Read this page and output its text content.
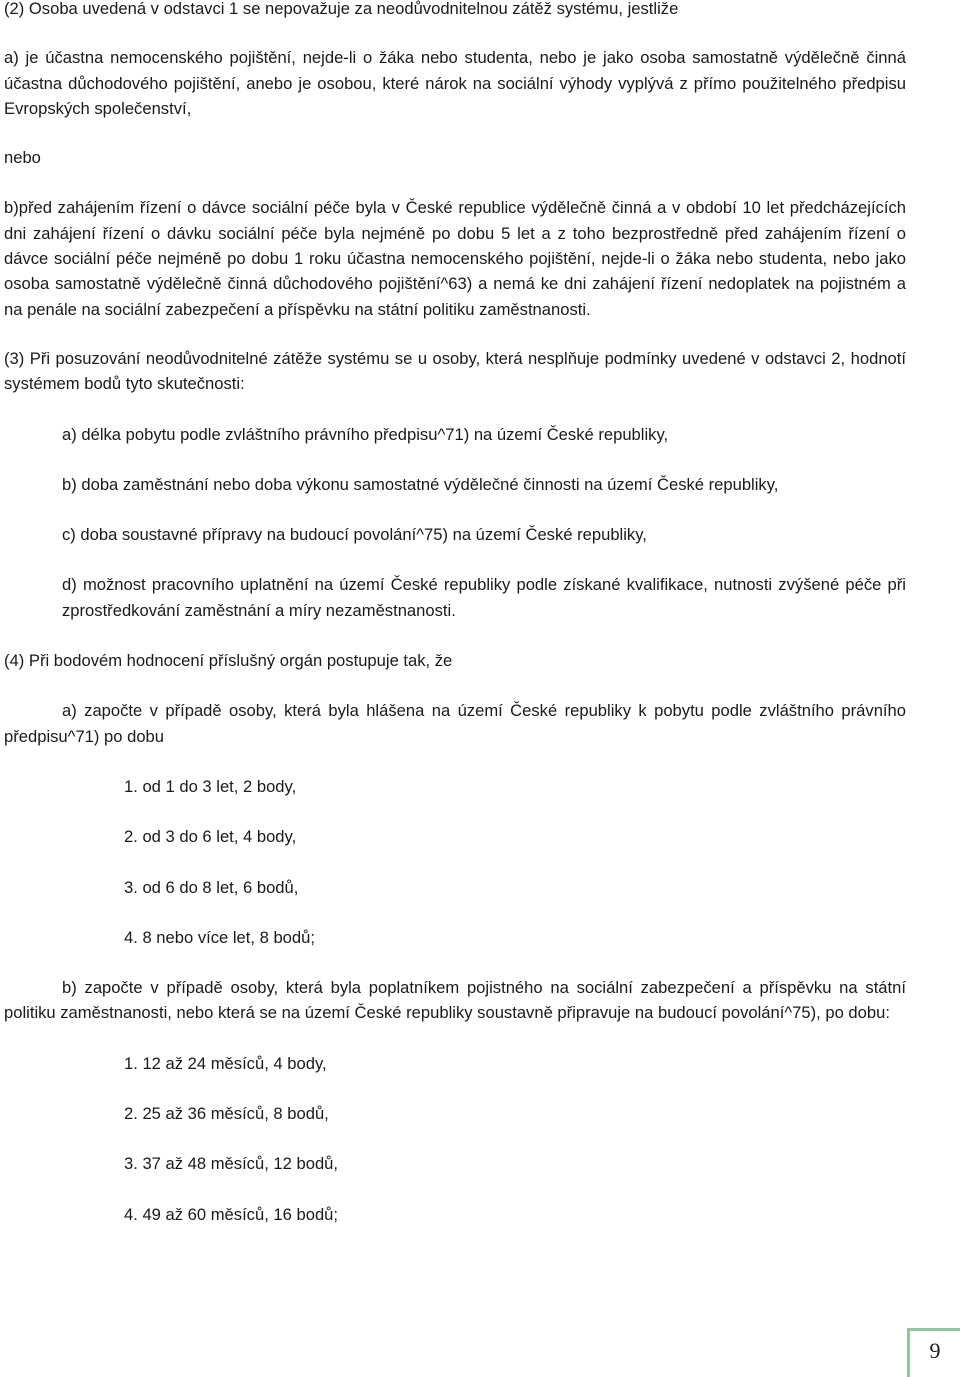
(2) Osoba uvedená v odstavci 1 se nepovažuje za neodůvodnitelnou zátěž systému, jestliže

a) je účastna nemocenského pojištění, nejde-li o žáka nebo studenta, nebo je jako osoba samostatně výdělečně činná účastna důchodového pojištění, anebo je osobou, které nárok na sociální výhody vyplývá z přímo použitelného předpisu Evropských společenství,

nebo

b)před zahájením řízení o dávce sociální péče byla v České republice výdělečně činná a v období 10 let předcházejících dni zahájení řízení o dávku sociální péče byla nejméně po dobu 5 let a z toho bezprostředně před zahájením řízení o dávce sociální péče nejméně po dobu 1 roku účastna nemocenského pojištění, nejde-li o žáka nebo studenta, nebo jako osoba samostatně výdělečně činná důchodového pojištění^63) a nemá ke dni zahájení řízení nedoplatek na pojistném a na penále na sociální zabezpečení a příspěvku na státní politiku zaměstnanosti.

(3) Při posuzování neodůvodnitelné zátěže systému se u osoby, která nesplňuje podmínky uvedené v odstavci 2, hodnotí systémem bodů tyto skutečnosti:

a) délka pobytu podle zvláštního právního předpisu^71) na území České republiky,

b) doba zaměstnání nebo doba výkonu samostatné výdělečné činnosti na území České republiky,

c) doba soustavné přípravy na budoucí povolání^75) na území České republiky,

d) možnost pracovního uplatnění na území České republiky podle získané kvalifikace, nutnosti zvýšené péče při zprostředkování zaměstnání a míry nezaměstnanosti.

(4) Při bodovém hodnocení příslušný orgán postupuje tak, že

a) započte v případě osoby, která byla hlášena na území České republiky k pobytu podle zvláštního právního předpisu^71) po dobu

1. od 1 do 3 let, 2 body,

2. od 3 do 6 let, 4 body,

3. od 6 do 8 let, 6 bodů,

4. 8 nebo více let, 8 bodů;

b) započte v případě osoby, která byla poplatníkem pojistného na sociální zabezpečení a příspěvku na státní politiku zaměstnanosti, nebo která se na území České republiky soustavně připravuje na budoucí povolání^75), po dobu:

1. 12 až 24 měsíců, 4 body,

2. 25 až 36 měsíců, 8 bodů,

3. 37 až 48 měsíců, 12 bodů,

4. 49 až 60 měsíců, 16 bodů;

9
